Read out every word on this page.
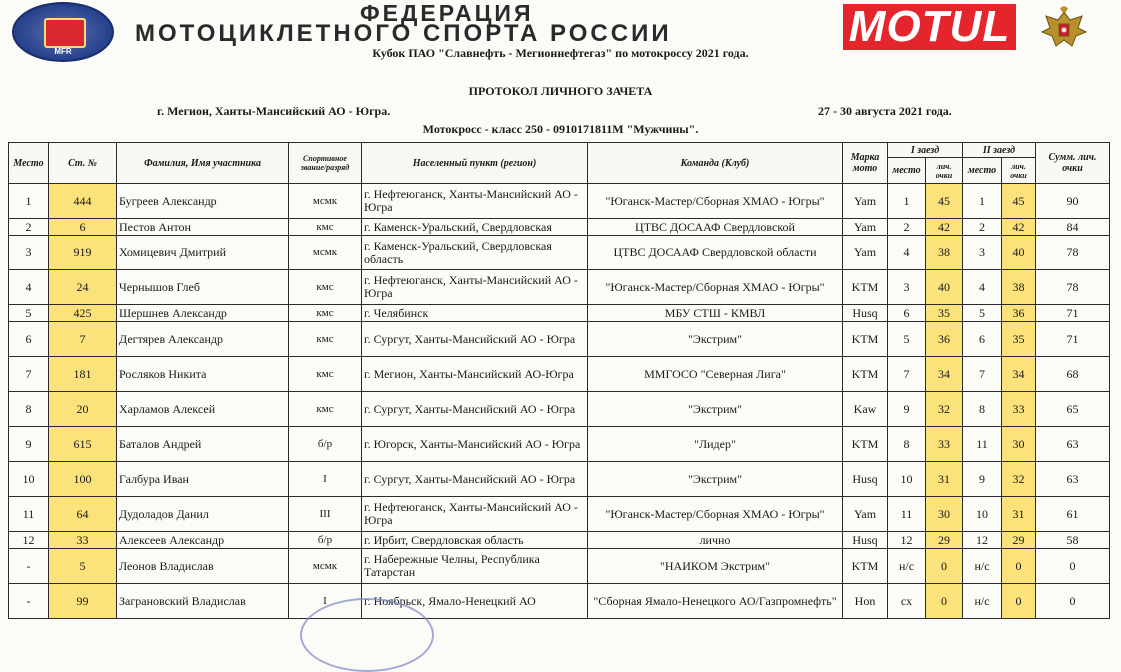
MFR
ФЕДЕРАЦИЯ
МОТОЦИКЛЕТНОГО СПОРТА РОССИИ	MOTUL
Кубок ПАО "Славнефть - Мегионнефтегаз" по мотокроссу 2021 года.
ПРОТОКОЛ ЛИЧНОГО ЗАЧЕТА
г. Мегион, Ханты-Мансийский АО - Югра.	27 - 30 августа 2021 года.
Мотокросс - класс 250 - 0910171811М "Мужчины".
Место	Ст. №	Фамилия, Имя участника	Спортивное звание/разряд	Населенный пункт (регион)	Команда (Клуб)	Марка мото	I заезд		II заезд		Сумм. лич. очки
							место	лич. очки	место	лич. очки	
1	444	Бугреев Александр	мсмк	г. Нефтеюганск, Ханты-Мансийский АО - Югра	"Юганск-Мастер/Сборная ХМАО - Югры"	Yam	1	45	1	45	90
2	6	Пестов Антон	кмс	г. Каменск-Уральский, Свердловская	ЦТВС ДОСААФ Свердловской	Yam	2	42	2	42	84
3	919	Хомицевич Дмитрий	мсмк	г. Каменск-Уральский, Свердловская область	ЦТВС ДОСААФ Свердловской области	Yam	4	38	3	40	78
4	24	Чернышов Глеб	кмс	г. Нефтеюганск, Ханты-Мансийский АО - Югра	"Юганск-Мастер/Сборная ХМАО - Югры"	KTM	3	40	4	38	78
5	425	Шершнев Александр	кмс	г. Челябинск	МБУ СТШ - КМВЛ	Husq	6	35	5	36	71
6	7	Дегтярев Александр	кмс	г. Сургут, Ханты-Мансийский АО - Югра	"Экстрим"	KTM	5	36	6	35	71
7	181	Росляков Никита	кмс	г. Мегион, Ханты-Мансийский АО-Югра	ММГОСО "Северная Лига"	KTM	7	34	7	34	68
8	20	Харламов Алексей	кмс	г. Сургут, Ханты-Мансийский АО - Югра	"Экстрим"	Kaw	9	32	8	33	65
9	615	Баталов Андрей	б/р	г. Югорск, Ханты-Мансийский АО - Югра	"Лидер"	KTM	8	33	11	30	63
10	100	Галбура Иван	I	г. Сургут, Ханты-Мансийский АО - Югра	"Экстрим"	Husq	10	31	9	32	63
11	64	Дудоладов Данил	III	г. Нефтеюганск, Ханты-Мансийский АО - Югра	"Юганск-Мастер/Сборная ХМАО - Югры"	Yam	11	30	10	31	61
12	33	Алексеев Александр	б/р	г. Ирбит, Свердловская область	лично	Husq	12	29	12	29	58
-	5	Леонов Владислав	мсмк	г. Набережные Челны, Республика Татарстан	"НАИКОМ Экстрим"	KTM	н/с	0	н/с	0	0
-	99	Заграновский Владислав	I	г. Ноябрьск, Ямало-Ненецкий АО	"Сборная Ямало-Ненецкого АО/Газпромнефть"	Hon	сх	0	н/с	0	0
